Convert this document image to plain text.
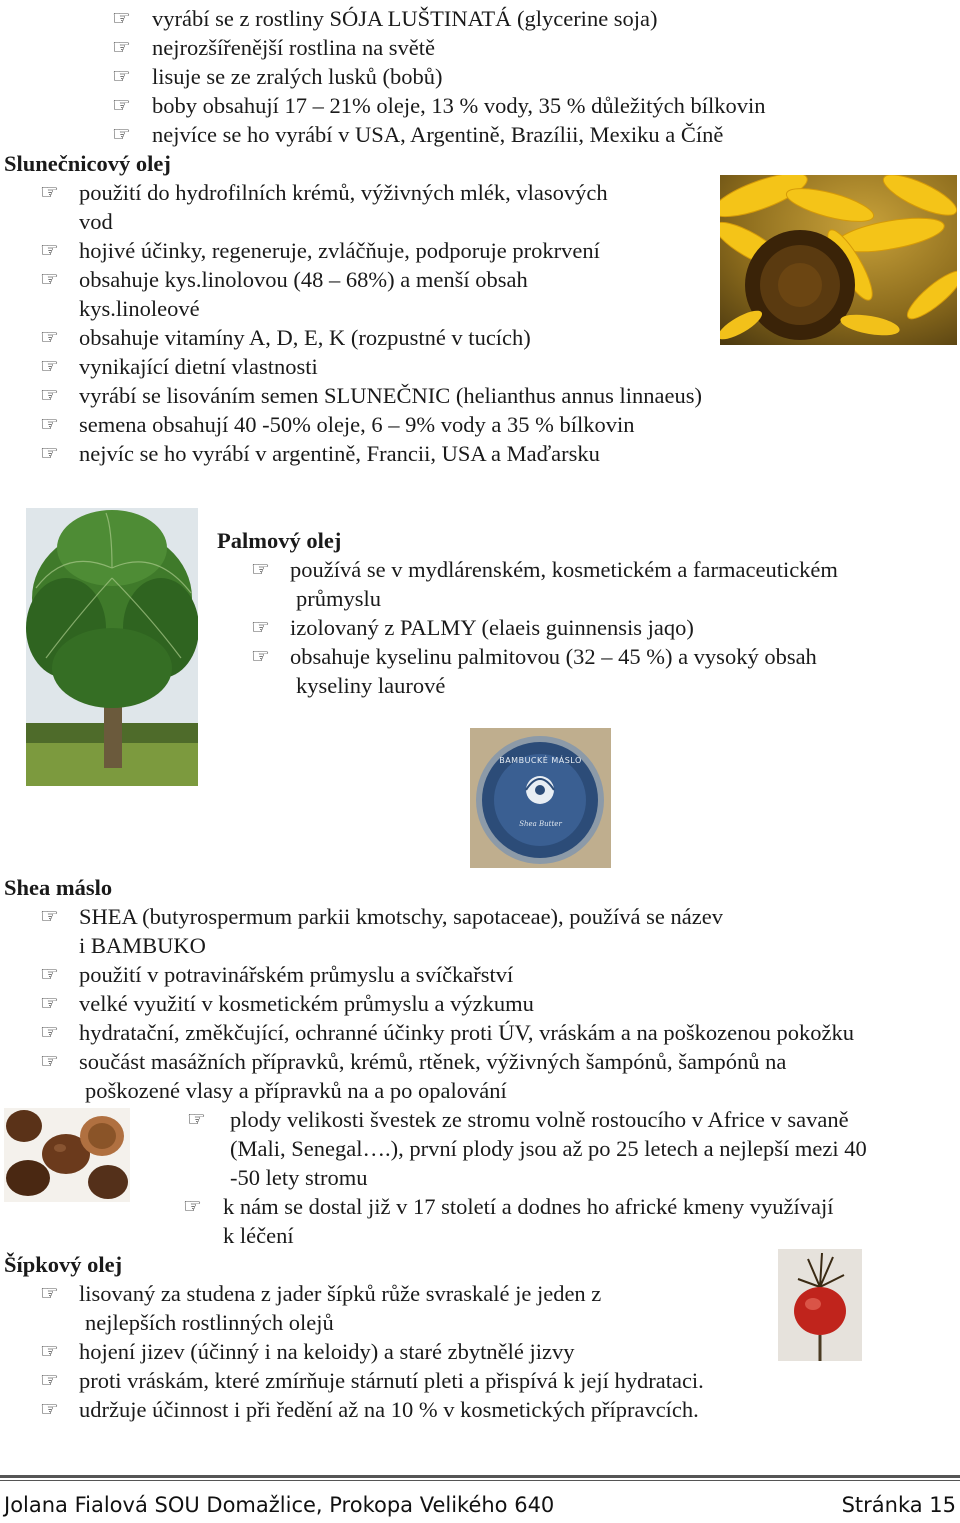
☞ vyrábí se z rostliny SÓJA LUŠTINATÁ (glycerine soja)
☞ nejrozšířenější rostlina na světě
☞ lisuje se ze zralých lusků (bobů)
☞ boby obsahují 17 – 21% oleje, 13 % vody, 35 % důležitých bílkovin
☞ nejvíce se ho vyrábí v USA, Argentině, Brazílii, Mexiku a Číně
Slunečnicový olej
☞ použití do hydrofilních krémů, výživných mlék, vlasových
vod
☞ hojivé účinky, regeneruje, zvláčňuje, podporuje prokrvení
☞ obsahuje kys.linolovou (48 – 68%) a menší obsah
kys.linoleové
☞ obsahuje vitamíny A, D, E, K (rozpustné v tucích)
☞ vynikající dietní vlastnosti
☞ vyrábí se lisováním semen SLUNEČNIC (helianthus annus linnaeus)
☞ semena obsahují 40 -50% oleje, 6 – 9% vody a 35 % bílkovin
☞ nejvíc se ho vyrábí v argentině, Francii, USA a Maďarsku
Palmový olej
☞ používá se v mydlárenském, kosmetickém a farmaceutickém
průmyslu
☞ izolovaný z PALMY (elaeis guinnensis jaqo)
☞ obsahuje kyselinu palmitovou (32 – 45 %) a vysoký obsah
kyseliny laurové
BAMBUCKÉ MÁSLO
Shea Butter
Shea máslo
☞ SHEA (butyrospermum parkii kmotschy, sapotaceae), používá se název
i BAMBUKO
☞ použití v potravinářském průmyslu a svíčkařství
☞ velké využití v kosmetickém průmyslu a výzkumu
☞ hydratační, změkčující, ochranné účinky proti ÚV, vráskám a na poškozenou pokožku
☞ součást masážních přípravků, krémů, rtěnek, výživných šampónů, šampónů na
poškozené vlasy a přípravků na a po opalování
☞ plody velikosti švestek ze stromu volně rostoucího v Africe v savaně
(Mali, Senegal….), první plody jsou až po 25 letech a nejlepší mezi 40
-50 lety stromu
☞ k nám se dostal již v 17 století a dodnes ho africké kmeny využívají
k léčení
Šípkový olej
☞ lisovaný za studena z jader šípků růže svraskalé je jeden z
nejlepších rostlinných olejů
☞ hojení jizev (účinný i na keloidy) a staré zbytnělé jizvy
☞ proti vráskám, které zmírňuje stárnutí pleti a přispívá k její hydrataci.
☞ udržuje účinnost i při ředění až na 10 % v kosmetických přípravcích.
Jolana Fialová SOU Domažlice, Prokopa Velikého 640	Stránka 15
